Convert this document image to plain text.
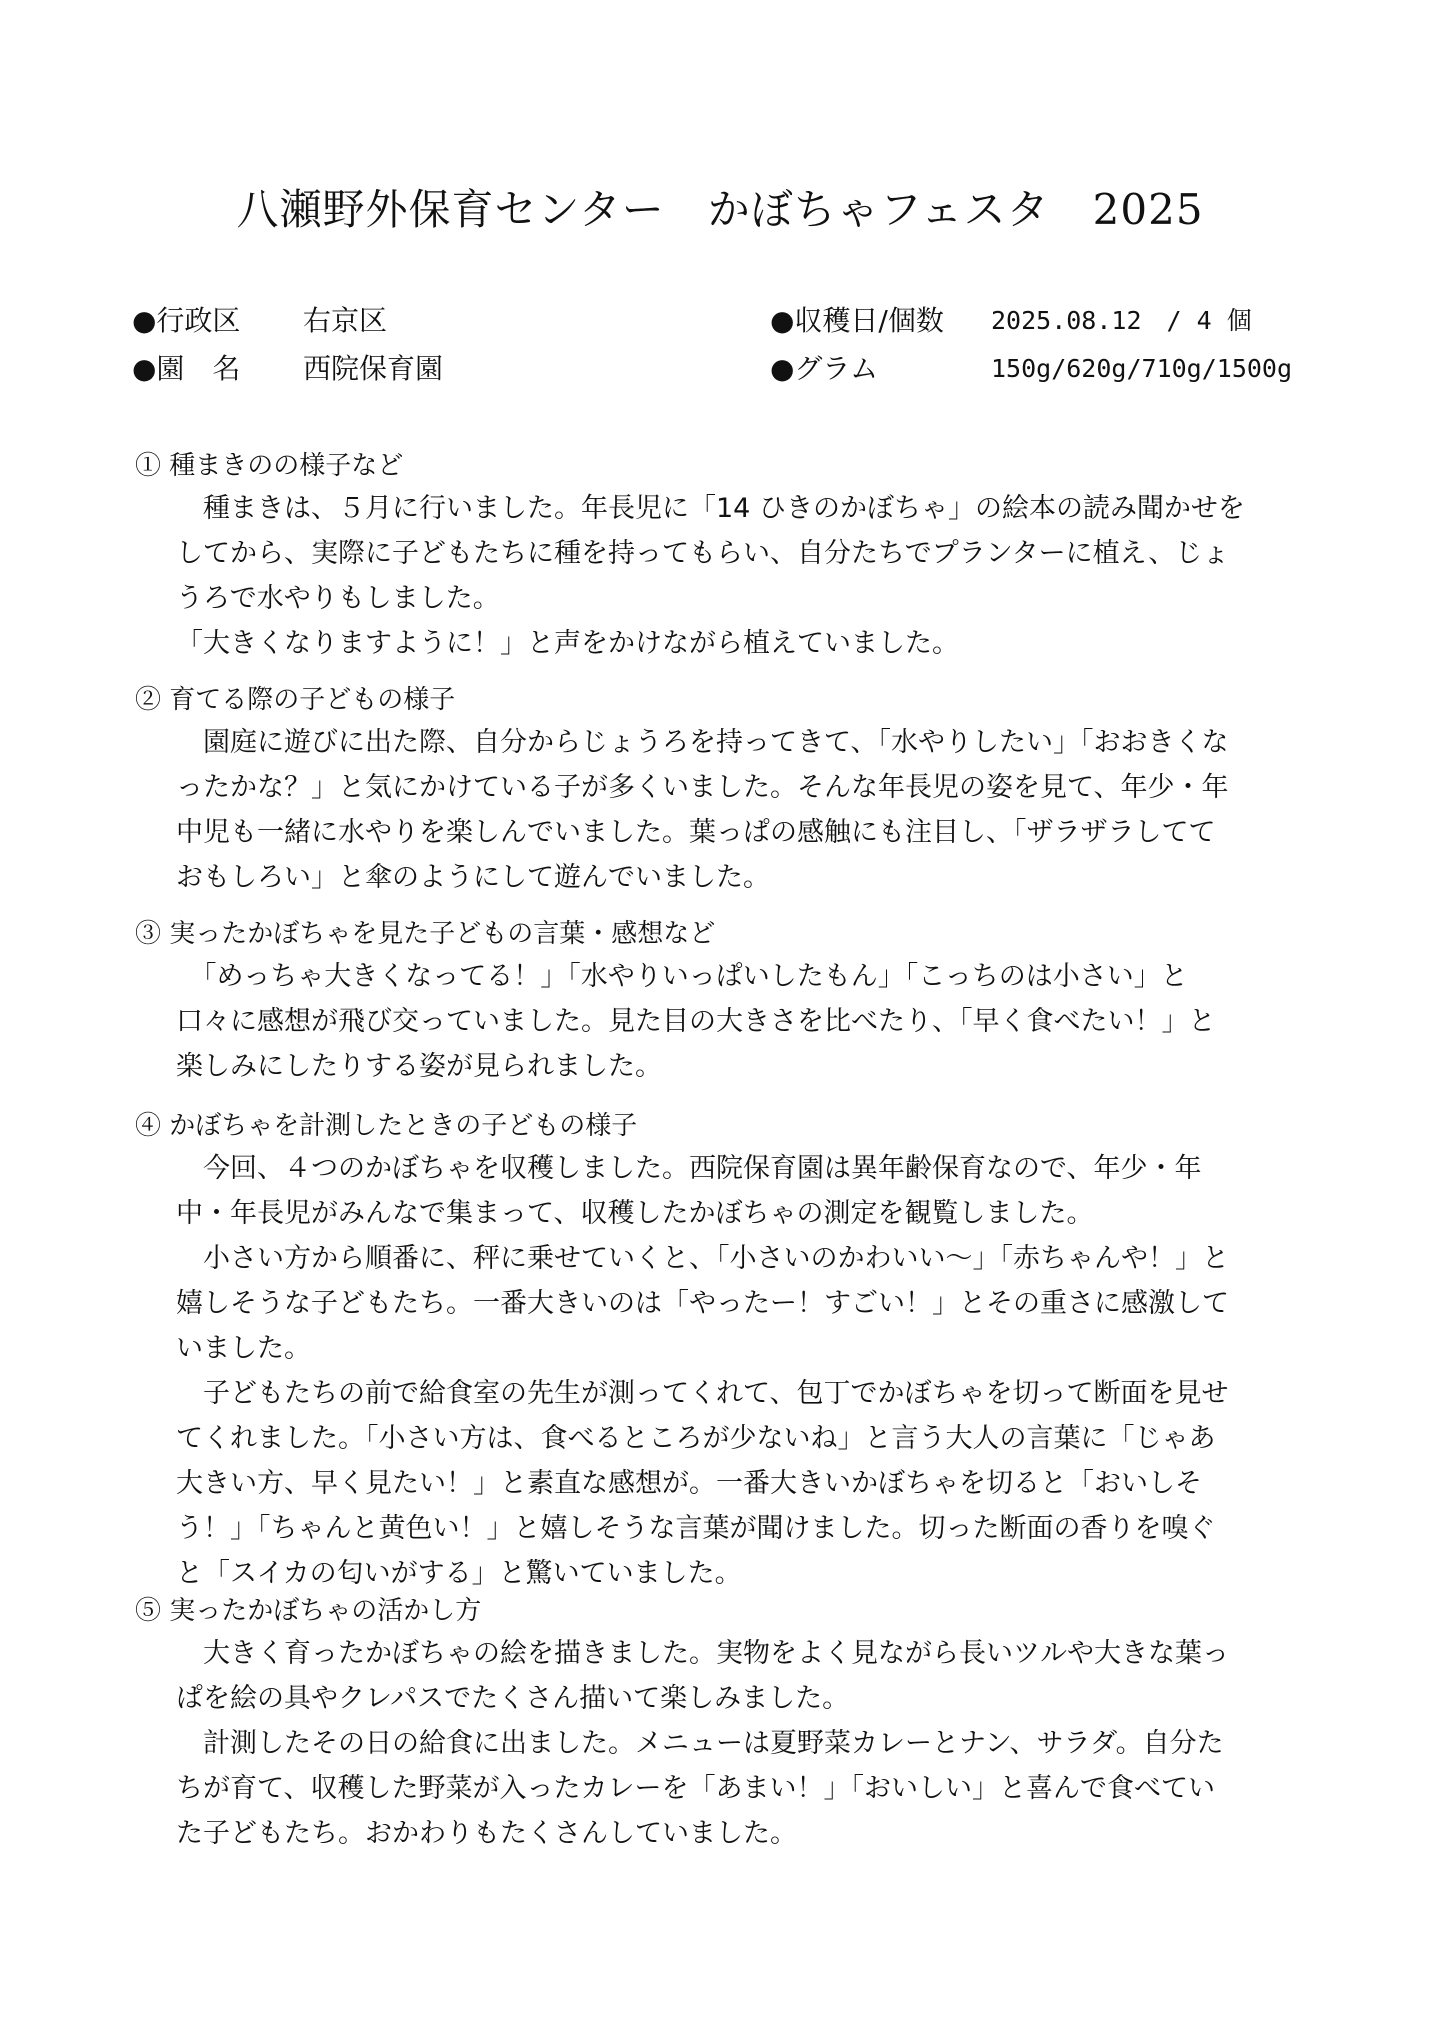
八瀬野外保育センター　かぼちゃフェスタ　2025
●行政区 右京区
●園　名 西院保育園
●収穫日/個数 2025.08.12　/ 4 個
●グラム	150g/620g/710g/1500g
① 種まきのの様子など
　種まきは、５月に行いました。年長児に「14 ひきのかぼちゃ」の絵本の読み聞かせを
してから、実際に子どもたちに種を持ってもらい、自分たちでプランターに植え、じょ
うろで水やりもしました。
「大きくなりますように！」と声をかけながら植えていました。
② 育てる際の子どもの様子
　園庭に遊びに出た際、自分からじょうろを持ってきて、「水やりしたい」「おおきくな
ったかな？」と気にかけている子が多くいました。そんな年長児の姿を見て、年少・年
中児も一緒に水やりを楽しんでいました。葉っぱの感触にも注目し、「ザラザラしてて
おもしろい」と傘のようにして遊んでいました。
③ 実ったかぼちゃを見た子どもの言葉・感想など
　「めっちゃ大きくなってる！」「水やりいっぱいしたもん」「こっちのは小さい」と
口々に感想が飛び交っていました。見た目の大きさを比べたり、「早く食べたい！」と
楽しみにしたりする姿が見られました。
④ かぼちゃを計測したときの子どもの様子
　今回、４つのかぼちゃを収穫しました。西院保育園は異年齢保育なので、年少・年
中・年長児がみんなで集まって、収穫したかぼちゃの測定を観覧しました。
　小さい方から順番に、秤に乗せていくと、「小さいのかわいい～」「赤ちゃんや！」と
嬉しそうな子どもたち。一番大きいのは「やったー！すごい！」とその重さに感激して
いました。
　子どもたちの前で給食室の先生が測ってくれて、包丁でかぼちゃを切って断面を見せ
てくれました。「小さい方は、食べるところが少ないね」と言う大人の言葉に「じゃあ
大きい方、早く見たい！」と素直な感想が。一番大きいかぼちゃを切ると「おいしそ
う！」「ちゃんと黄色い！」と嬉しそうな言葉が聞けました。切った断面の香りを嗅ぐ
と「スイカの匂いがする」と驚いていました。
⑤ 実ったかぼちゃの活かし方
　大きく育ったかぼちゃの絵を描きました。実物をよく見ながら長いツルや大きな葉っ
ぱを絵の具やクレパスでたくさん描いて楽しみました。
　計測したその日の給食に出ました。メニューは夏野菜カレーとナン、サラダ。自分た
ちが育て、収穫した野菜が入ったカレーを「あまい！」「おいしい」と喜んで食べてい
た子どもたち。おかわりもたくさんしていました。
